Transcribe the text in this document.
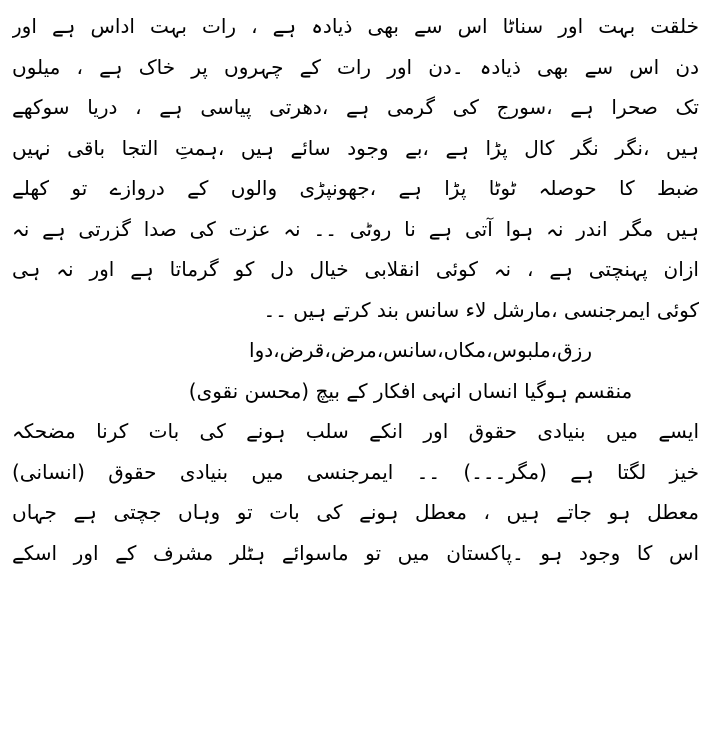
خلقت بہت اور سناٹا اس سے بھی ذیادہ ہے ، رات بہت اداس ہے اور
دن اس سے بھی ذیادہ ۔دن اور رات کے چہروں پر خاک ہے ، میلوں
تک صحرا ہے ،سورج کی گرمی ہے ،دھرتی پیاسی ہے ، دریا سوکھے
ہیں ،نگر نگر کال پڑا ہے ،بے وجود سائے ہیں ،ہمتِ التجا باقی نہیں
ضبط کا حوصلہ ٹوٹا پڑا ہے ،جھونپڑی والوں کے دروازے تو کھلے
ہیں مگر اندر نہ ہوا آتی ہے نا روٹی ۔۔ نہ عزت کی صدا گزرتی ہے نہ
ازان پہنچتی ہے ، نہ کوئی انقلابی خیال دل کو گرماتا ہے اور نہ ہی
کوئی ایمرجنسی ،مارشل لاء سانس بند کرتے ہیں ۔۔
رزق،ملبوس،مکاں،سانس،مرض،قرض،دوا
منقسم ہوگیا انساں انہی افکار کے بیچ (محسن نقوی)
ایسے میں بنیادی حقوق اور انکے سلب ہونے کی بات کرنا مضحکہ
خیز لگتا ہے (مگر۔۔۔) ۔۔ ایمرجنسی میں بنیادی حقوق (انسانی)
معطل ہو جاتے ہیں ، معطل ہونے کی بات تو وہاں جچتی ہے جہاں
اس کا وجود ہو ۔پاکستان میں تو ماسوائے ہٹلر مشرف کے اور اسکے
